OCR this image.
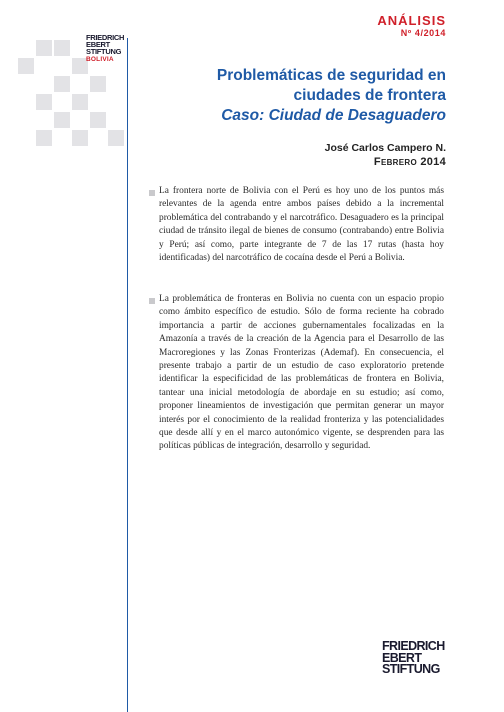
FRIEDRICH
EBERT
STIFTUNG
BOLIVIA
ANÁLISIS
Nº 4/2014
Problemáticas de seguridad en
ciudades de frontera
Caso: Ciudad de Desaguadero
José Carlos Campero N.
Febrero 2014
La frontera norte de Bolivia con el Perú es hoy uno de los puntos más relevantes de la agenda entre ambos países debido a la incremental problemática del contrabando y el narcotráfico. Desaguadero es la principal ciudad de tránsito ilegal de bienes de consumo (contrabando) entre Bolivia y Perú; así como, parte integrante de 7 de las 17 rutas (hasta hoy identificadas) del narcotráfico de cocaína desde el Perú a Bolivia.
La problemática de fronteras en Bolivia no cuenta con un espacio propio como ámbito específico de estudio. Sólo de forma reciente ha cobrado importancia a partir de acciones gubernamentales focalizadas en la Amazonía a través de la creación de la Agencia para el Desarrollo de las Macroregiones y las Zonas Fronterizas (Ademaf). En consecuencia, el presente trabajo a partir de un estudio de caso exploratorio pretende identificar la especificidad de las problemáticas de frontera en Bolivia, tantear una inicial metodología de abordaje en su estudio; así como, proponer lineamientos de investigación que permitan generar un mayor interés por el conocimiento de la realidad fronteriza y las potencialidades que desde allí y en el marco autonómico vigente, se desprenden para las políticas públicas de integración, desarrollo y seguridad.
FRIEDRICH
EBERT
STIFTUNG
